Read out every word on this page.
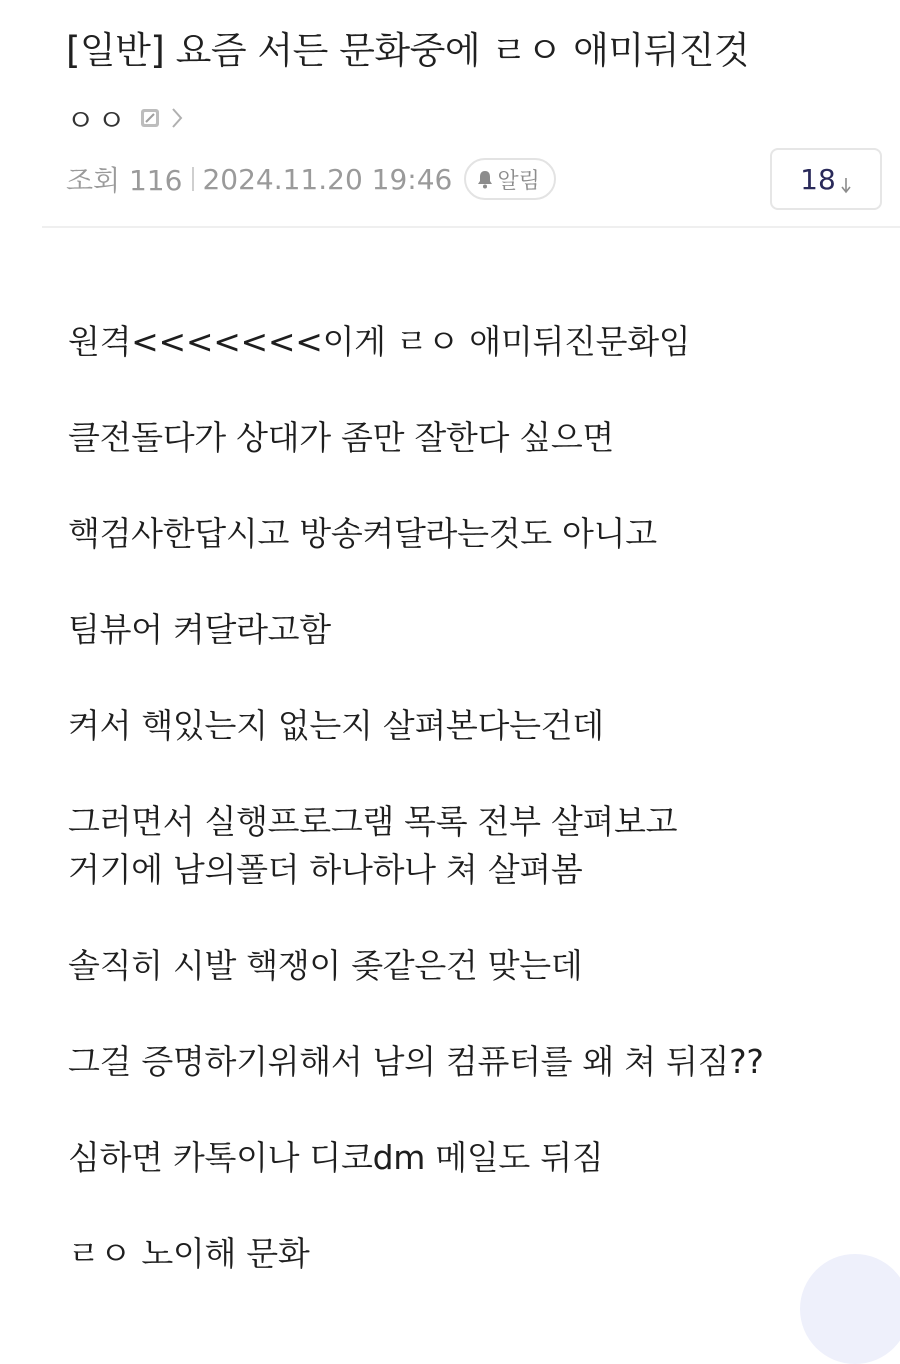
[일반] 요즘 서든 문화중에 ㄹㅇ 애미뒤진것
ㅇㅇ
조회 116 2024.11.20 19:46 알림	18
원격<<<<<<<이게 ㄹㅇ 애미뒤진문화임
클전돌다가 상대가 좀만 잘한다 싶으면
핵검사한답시고 방송켜달라는것도 아니고
팀뷰어 켜달라고함
켜서 핵있는지 없는지 살펴본다는건데
그러면서 실행프로그램 목록 전부 살펴보고
거기에 남의폴더 하나하나 쳐 살펴봄
솔직히 시발 핵쟁이 좆같은건 맞는데
그걸 증명하기위해서 남의 컴퓨터를 왜 쳐 뒤짐??
심하면 카톡이나 디코dm 메일도 뒤짐
ㄹㅇ 노이해 문화
